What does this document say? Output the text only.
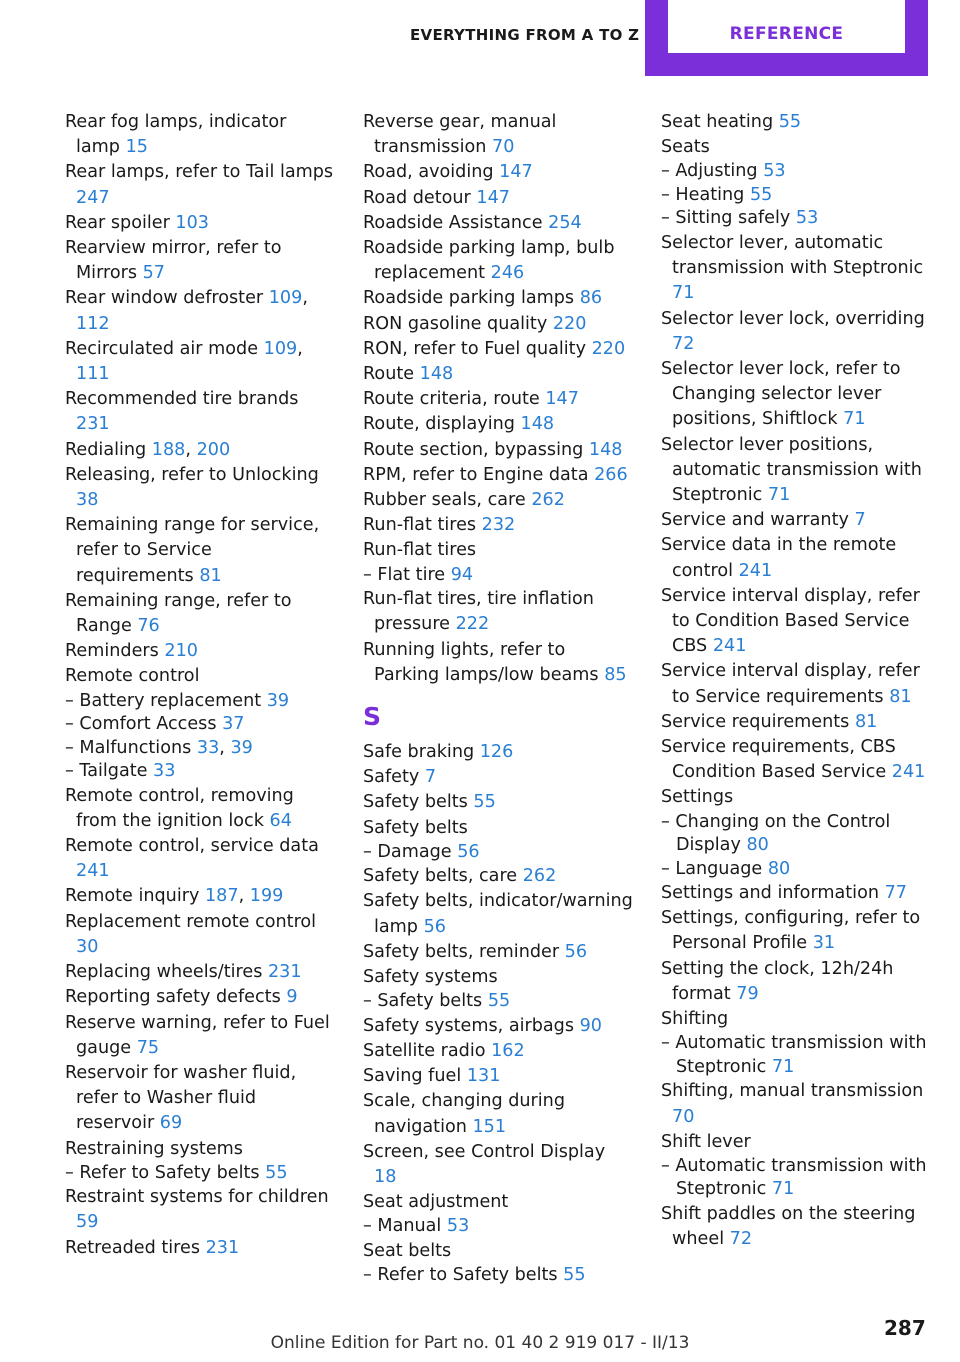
EVERYTHING FROM A TO Z	REFERENCE
Rear fog lamps, indicator lamp 15
Rear lamps, refer to Tail lamps 247
Rear spoiler 103
Rearview mirror, refer to Mirrors 57
Rear window defroster 109, 112
Recirculated air mode 109, 111
Recommended tire brands 231
Redialing 188, 200
Releasing, refer to Unlocking 38
Remaining range for service, refer to Service requirements 81
Remaining range, refer to Range 76
Reminders 210
Remote control
– Battery replacement 39
– Comfort Access 37
– Malfunctions 33, 39
– Tailgate 33
Remote control, removing from the ignition lock 64
Remote control, service data 241
Remote inquiry 187, 199
Replacement remote control 30
Replacing wheels/tires 231
Reporting safety defects 9
Reserve warning, refer to Fuel gauge 75
Reservoir for washer fluid, refer to Washer fluid reservoir 69
Restraining systems
– Refer to Safety belts 55
Restraint systems for children 59
Retreaded tires 231
Reverse gear, manual transmission 70
Road, avoiding 147
Road detour 147
Roadside Assistance 254
Roadside parking lamp, bulb replacement 246
Roadside parking lamps 86
RON gasoline quality 220
RON, refer to Fuel quality 220
Route 148
Route criteria, route 147
Route, displaying 148
Route section, bypassing 148
RPM, refer to Engine data 266
Rubber seals, care 262
Run-flat tires 232
Run-flat tires
– Flat tire 94
Run-flat tires, tire inflation pressure 222
Running lights, refer to Parking lamps/low beams 85
S
Safe braking 126
Safety 7
Safety belts 55
Safety belts
– Damage 56
Safety belts, care 262
Safety belts, indicator/warning lamp 56
Safety belts, reminder 56
Safety systems
– Safety belts 55
Safety systems, airbags 90
Satellite radio 162
Saving fuel 131
Scale, changing during navigation 151
Screen, see Control Display 18
Seat adjustment
– Manual 53
Seat belts
– Refer to Safety belts 55
Seat heating 55
Seats
– Adjusting 53
– Heating 55
– Sitting safely 53
Selector lever, automatic transmission with Steptronic 71
Selector lever lock, overriding 72
Selector lever lock, refer to Changing selector lever positions, Shiftlock 71
Selector lever positions, automatic transmission with Steptronic 71
Service and warranty 7
Service data in the remote control 241
Service interval display, refer to Condition Based Service CBS 241
Service interval display, refer to Service requirements 81
Service requirements 81
Service requirements, CBS Condition Based Service 241
Settings
– Changing on the Control Display 80
– Language 80
Settings and information 77
Settings, configuring, refer to Personal Profile 31
Setting the clock, 12h/24h format 79
Shifting
– Automatic transmission with Steptronic 71
Shifting, manual transmission 70
Shift lever
– Automatic transmission with Steptronic 71
Shift paddles on the steering wheel 72
287
Online Edition for Part no. 01 40 2 919 017 - II/13
